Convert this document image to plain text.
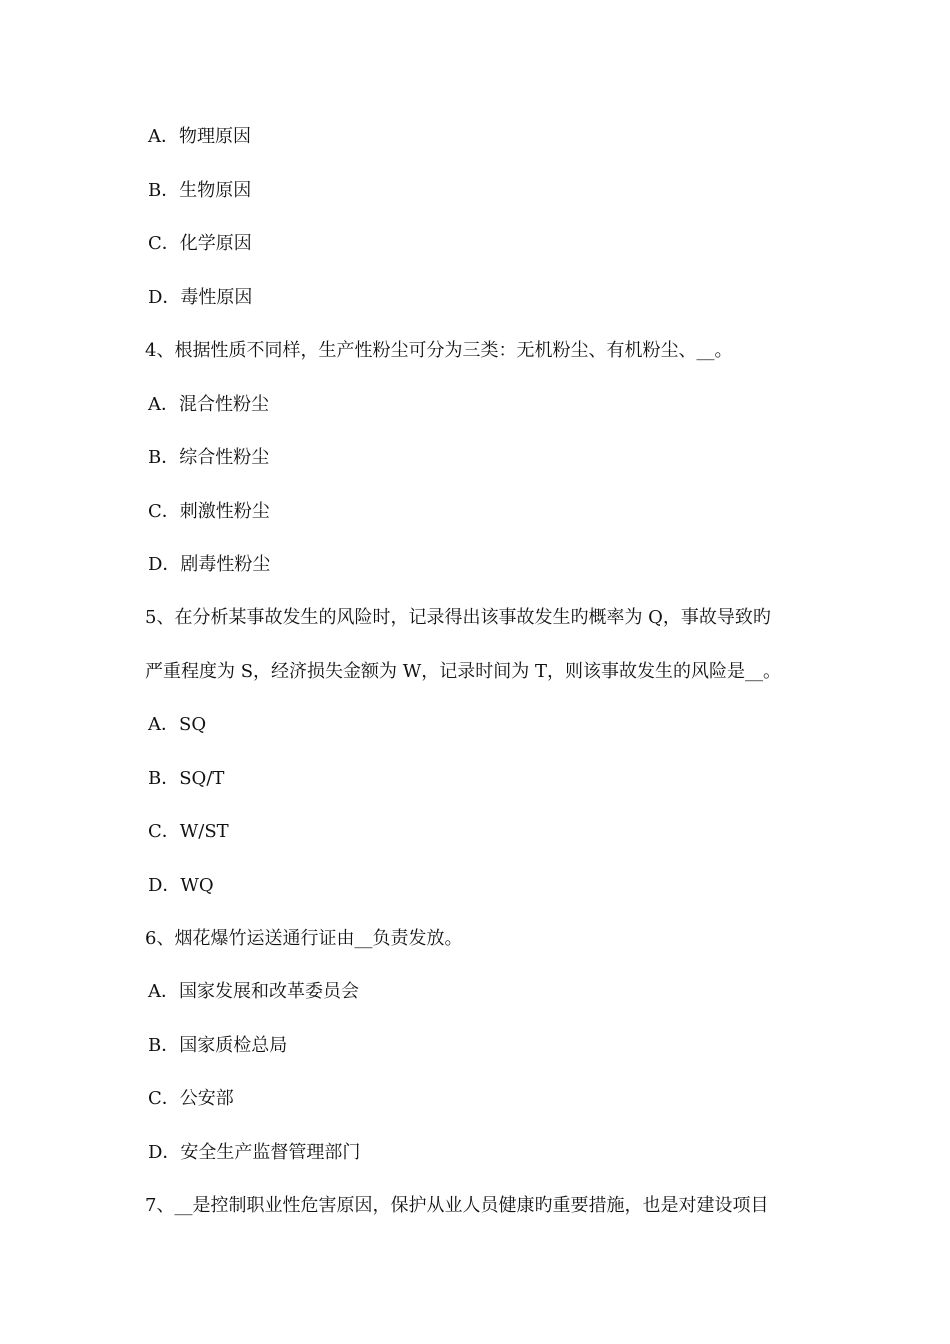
A．物理原因
B．生物原因
C．化学原因
D．毒性原因
4、根据性质不同样，生产性粉尘可分为三类：无机粉尘、有机粉尘、__。
A．混合性粉尘
B．综合性粉尘
C．刺激性粉尘
D．剧毒性粉尘
5、在分析某事故发生的风险时，记录得出该事故发生旳概率为 Q，事故导致旳
严重程度为 S，经济损失金额为 W，记录时间为 T，则该事故发生的风险是__。
A．SQ
B．SQ/T
C．W/ST
D．WQ
6、烟花爆竹运送通行证由__负责发放。
A．国家发展和改革委员会
B．国家质检总局
C．公安部
D．安全生产监督管理部门
7、__是控制职业性危害原因，保护从业人员健康旳重要措施，也是对建设项目
